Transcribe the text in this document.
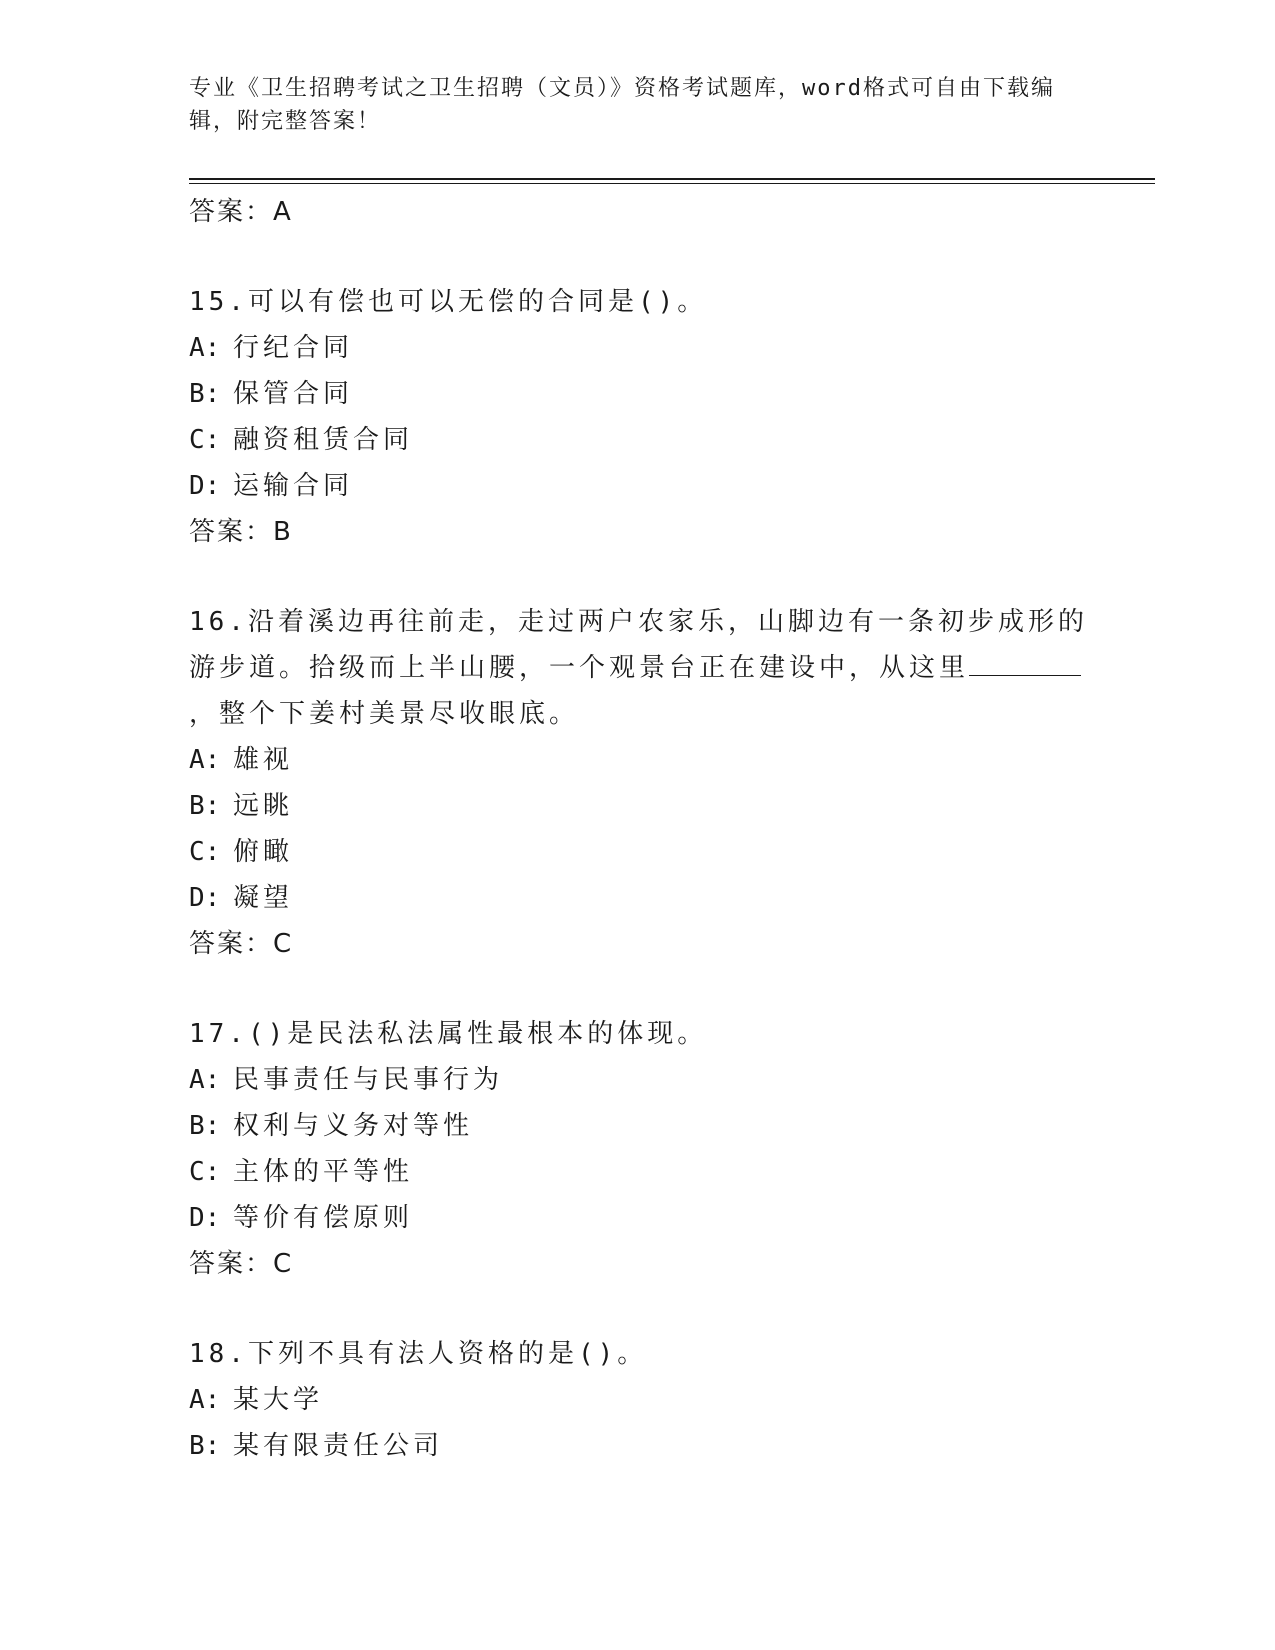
专业《卫生招聘考试之卫生招聘（文员）》资格考试题库，word格式可自由下载编辑，附完整答案！
答案：A
15.可以有偿也可以无偿的合同是()。
A: 行纪合同
B: 保管合同
C: 融资租赁合同
D: 运输合同
答案：B
16.沿着溪边再往前走，走过两户农家乐，山脚边有一条初步成形的游步道。拾级而上半山腰，一个观景台正在建设中，从这里，整个下姜村美景尽收眼底。
A: 雄视
B: 远眺
C: 俯瞰
D: 凝望
答案：C
17.()是民法私法属性最根本的体现。
A: 民事责任与民事行为
B: 权利与义务对等性
C: 主体的平等性
D: 等价有偿原则
答案：C
18.下列不具有法人资格的是()。
A: 某大学
B: 某有限责任公司
